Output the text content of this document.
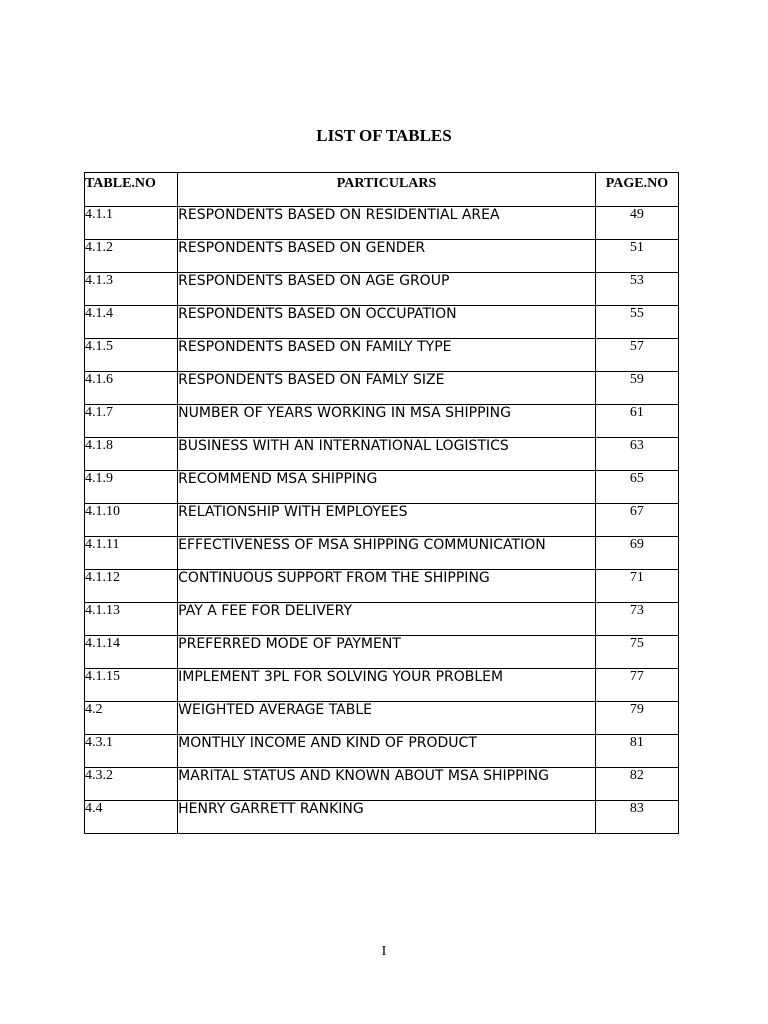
LIST OF TABLES
TABLE.NO	PARTICULARS	PAGE.NO
4.1.1	RESPONDENTS BASED ON RESIDENTIAL AREA	49
4.1.2	RESPONDENTS BASED ON GENDER	51
4.1.3	RESPONDENTS BASED ON AGE GROUP	53
4.1.4	RESPONDENTS BASED ON OCCUPATION	55
4.1.5	RESPONDENTS BASED ON FAMILY TYPE	57
4.1.6	RESPONDENTS BASED ON FAMLY SIZE	59
4.1.7	NUMBER OF YEARS WORKING IN MSA SHIPPING	61
4.1.8	BUSINESS WITH AN INTERNATIONAL LOGISTICS	63
4.1.9	RECOMMEND MSA SHIPPING	65
4.1.10	RELATIONSHIP WITH EMPLOYEES	67
4.1.11	EFFECTIVENESS OF MSA SHIPPING COMMUNICATION	69
4.1.12	CONTINUOUS SUPPORT FROM THE SHIPPING	71
4.1.13	PAY A FEE FOR DELIVERY	73
4.1.14	PREFERRED MODE OF PAYMENT	75
4.1.15	IMPLEMENT 3PL FOR SOLVING YOUR PROBLEM	77
4.2	WEIGHTED AVERAGE TABLE	79
4.3.1	MONTHLY INCOME AND KIND OF PRODUCT	81
4.3.2	MARITAL STATUS AND KNOWN ABOUT MSA SHIPPING	82
4.4	HENRY GARRETT RANKING	83
I
